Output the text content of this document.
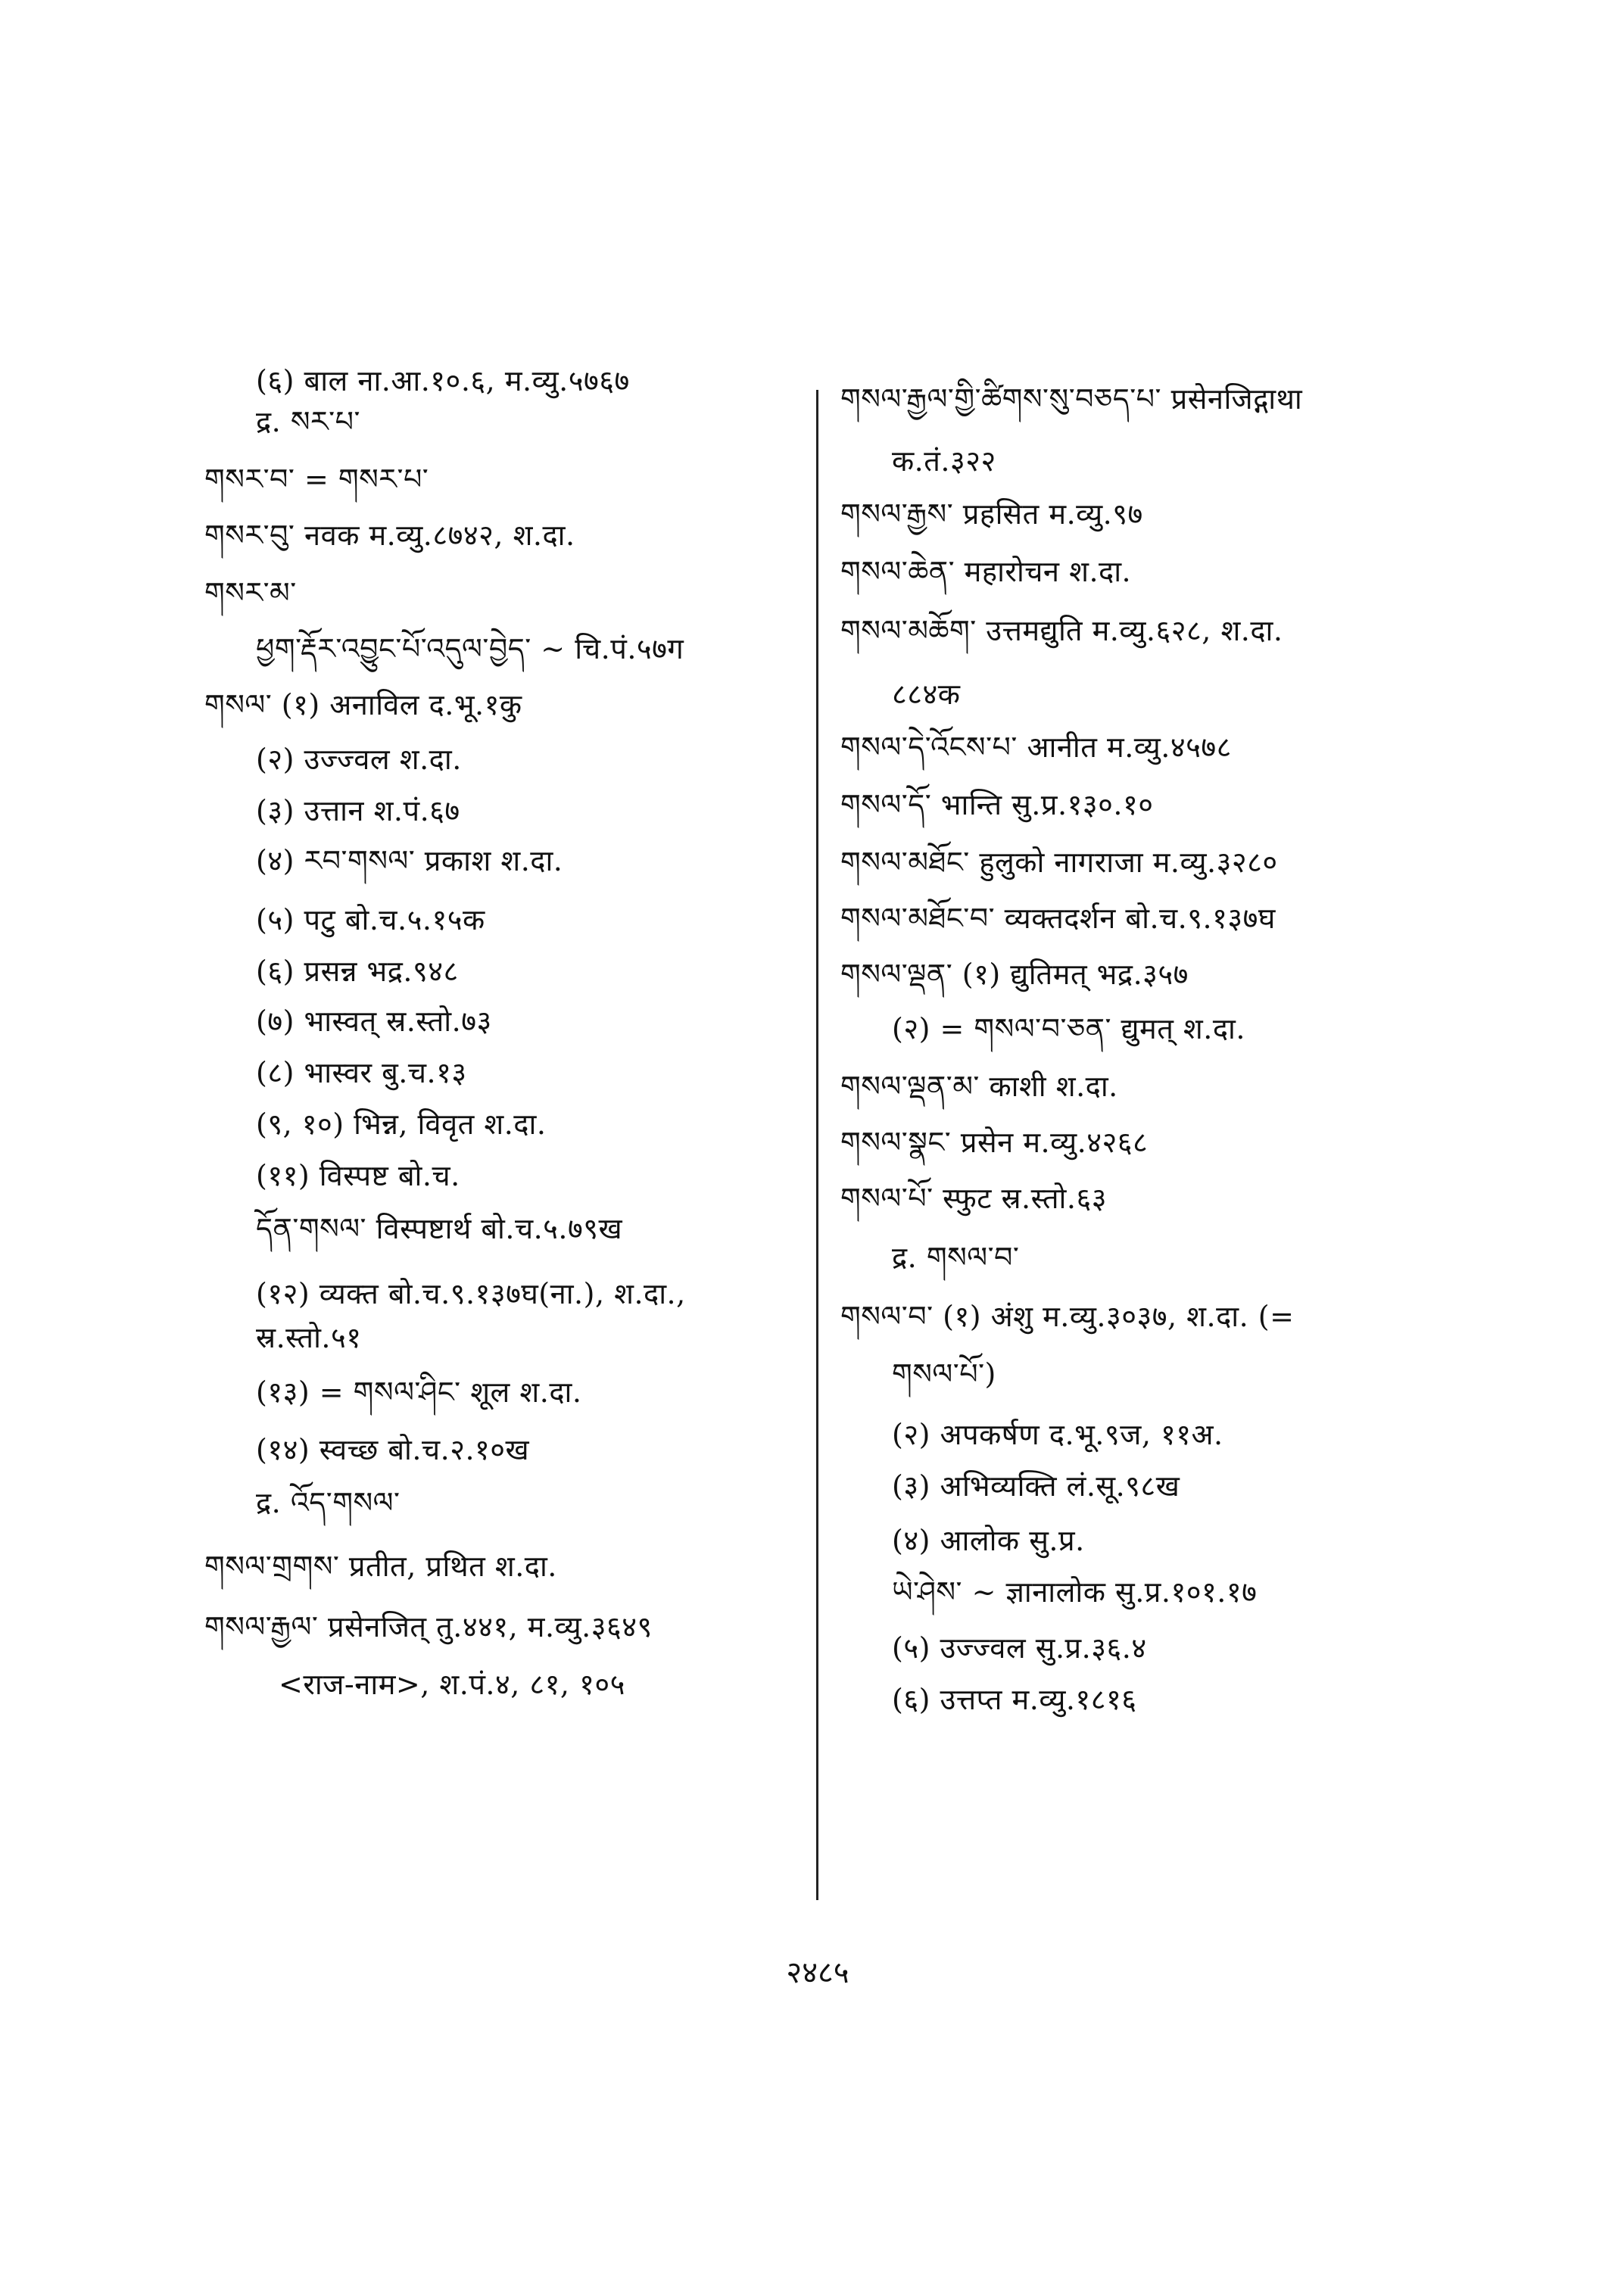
(६) बाल ना.आ.१०.६, म.व्यु.५७६७
द्र. སར་པ་
གསར་བ་ = གསར་པ་
གསར་བུ་ नवक म.व्यु.८७४२, श.दा.
གསར་མ་
ཕྱག་རྡོར་འབྱུང་པོ་འདུལ་བྱེད་ ~ चि.पं.५७ग
གསལ་ (१) अनाविल द.भू.१कु
(२) उज्ज्वल श.दा.
(३) उत्तान श.पं.६७
(४) རབ་གསལ་ प्रकाश श.दा.
(५) पटु बो.च.५.१५क
(६) प्रसन्न भद्र.९४८
(७) भास्वत् स्र.स्तो.७३
(८) भास्वर बु.च.१३
(९, १०) भिन्न, विवृत श.दा.
(११) विस्पष्ट बो.च.
དོན་གསལ་ विस्पष्टार्थ बो.च.५.७९ख
(१२) व्यक्त बो.च.९.१३७घ(ना.), श.दा.,
स्र.स्तो.५१
(१३) = གསལ་ཤིང་ शूल श.दा.
(१४) स्वच्छ बो.च.२.१०ख
द्र. འོད་གསལ་
གསལ་གྲགས་ प्रतीत, प्रथित श.दा.
གསལ་རྒྱལ་ प्रसेनजित् तु.४४१, म.व्यु.३६४९
<राज-नाम>, श.पं.४, ८१, १०५
གསལ་རྒྱལ་གྱི་ཚིགས་སུ་བཅད་པ་ प्रसेनजिद्गाथा
क.तं.३२२
གསལ་རྒྱས་ प्रहसित म.व्यु.९७
གསལ་ཆེན་ महारोचन श.दा.
གསལ་མཆོག་ उत्तमद्युति म.व्यु.६२८, श.दा.
८८४क
གསལ་དེ་འོངས་པ་ आनीत म.व्यु.४५७८
གསལ་དོ་ भान्ति सु.प्र.१३०.१०
གསལ་མཐོང་ हुलुको नागराजा म.व्यु.३२८०
གསལ་མཐོང་བ་ व्यक्तदर्शन बो.च.९.१३७घ
གསལ་ལྡན་ (१) द्युतिमत् भद्र.३५७
(२) = གསལ་བ་ཅན་ द्युमत् श.दा.
གསལ་ལྡན་མ་ काशी श.दा.
གསལ་སྣང་ प्रसेन म.व्यु.४२६८
གསལ་པོ་ स्फुट स्र.स्तो.६३
द्र. གསལ་བ་
གསལ་བ་ (१) अंशु म.व्यु.३०३७, श.दा. (=
གསལ་པོ་)
(२) अपकर्षण द.भू.९ज, ११अ.
(३) अभिव्यक्ति लं.सू.९८ख
(४) आलोक सु.प्र.
ཡེ་ཤེས་ ~ ज्ञानालोक सु.प्र.१०१.१७
(५) उज्ज्वल सु.प्र.३६.४
(६) उत्तप्त म.व्यु.१८१६
२४८५
